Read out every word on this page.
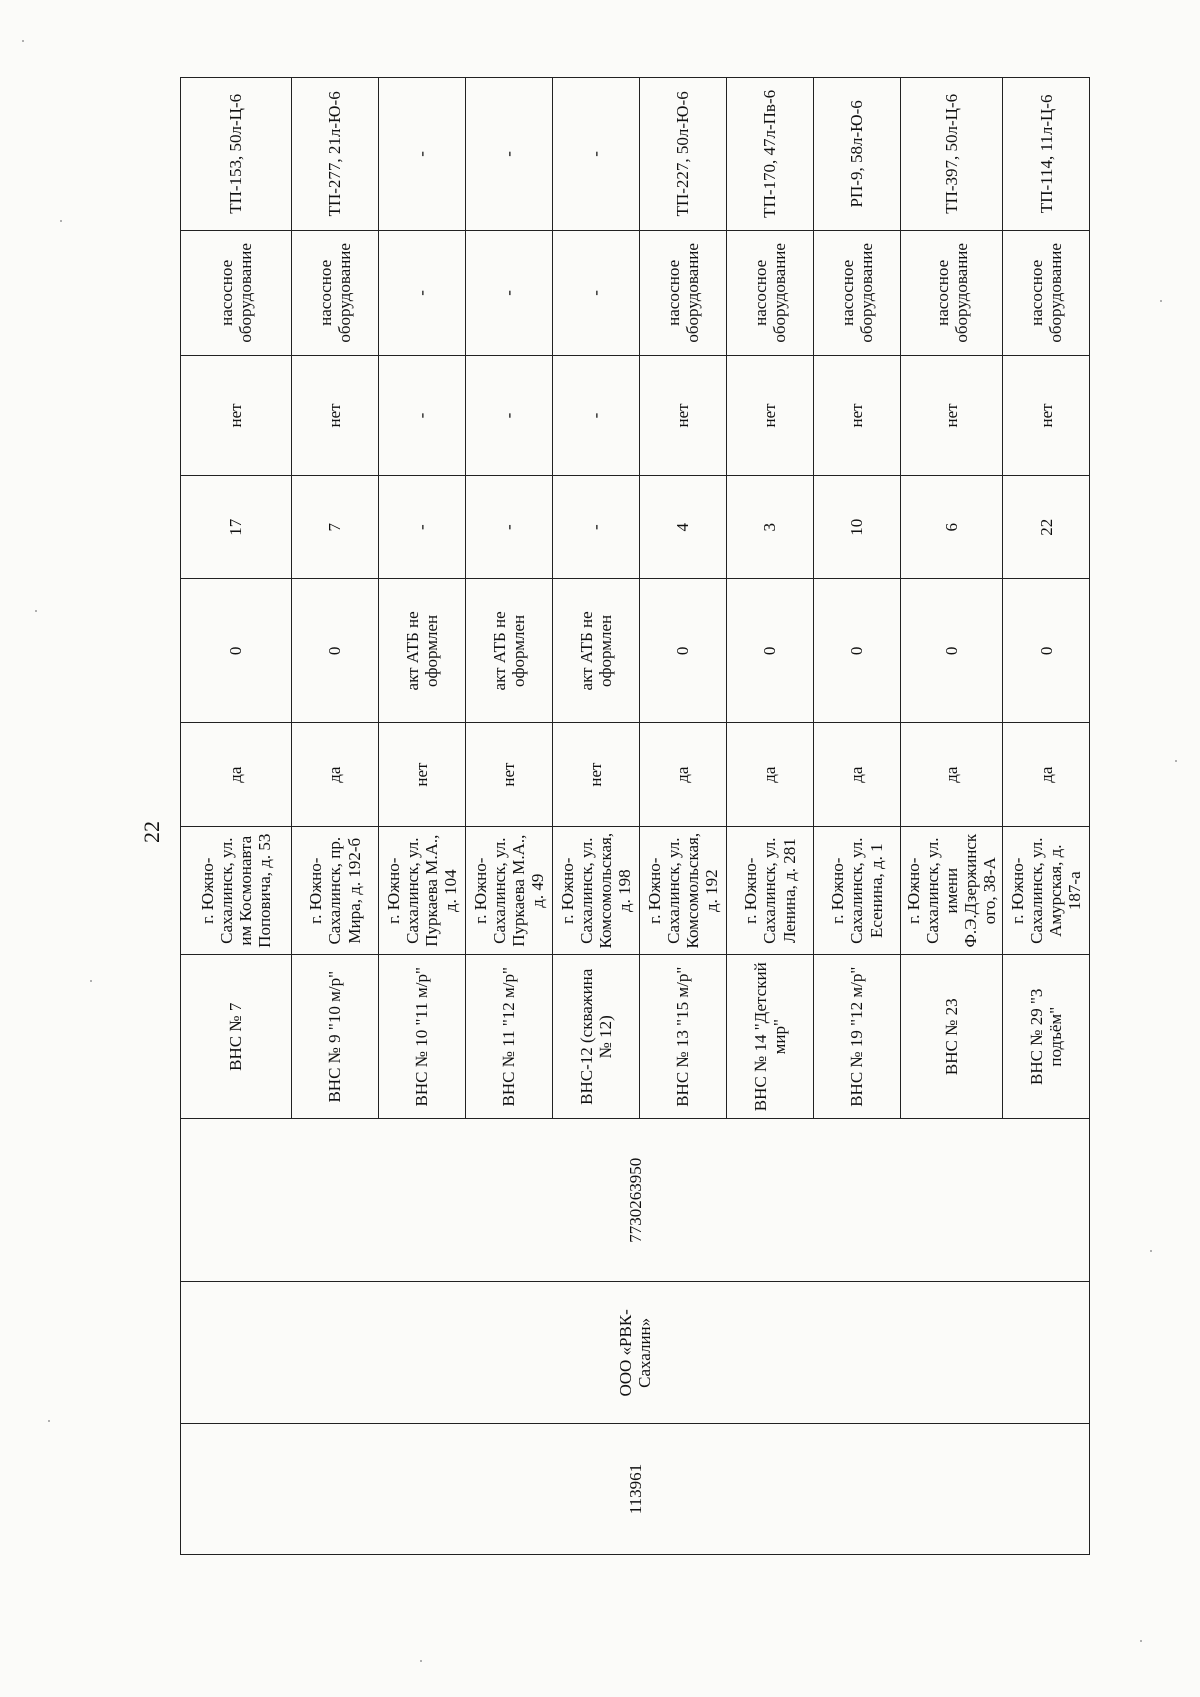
22
113961	ООО «РВК-Сахалин»	7730263950	ВНС № 7	г. Южно-Сахалинск, ул. им Космонавта Поповича, д. 53	да	0	17	нет	насосное оборудование	ТП-153, 50л-Ц-6
			ВНС № 9 "10 м/р"	г. Южно-Сахалинск, пр. Мира, д. 192-б	да	0	7	нет	насосное оборудование	ТП-277, 21л-Ю-6
			ВНС № 10 "11 м/р"	г. Южно-Сахалинск, ул. Пуркаева М.А., д. 104	нет	акт АТБ не оформлен	-	-	-	-
			ВНС № 11 "12 м/р"	г. Южно-Сахалинск, ул. Пуркаева М.А., д. 49	нет	акт АТБ не оформлен	-	-	-	-
			ВНС-12 (скважина № 12)	г. Южно-Сахалинск, ул. Комсомольская, д. 198	нет	акт АТБ не оформлен	-	-	-	-
			ВНС № 13 "15 м/р"	г. Южно-Сахалинск, ул. Комсомольская, д. 192	да	0	4	нет	насосное оборудование	ТП-227, 50л-Ю-6
			ВНС № 14 "Детский мир"	г. Южно-Сахалинск, ул. Ленина, д. 281	да	0	3	нет	насосное оборудование	ТП-170, 47л-Пв-6
			ВНС № 19 "12 м/р"	г. Южно-Сахалинск, ул. Есенина, д. 1	да	0	10	нет	насосное оборудование	РП-9, 58л-Ю-6
			ВНС № 23	г. Южно-Сахалинск, ул. имени Ф.Э.Дзержинского, 38-А	да	0	6	нет	насосное оборудование	ТП-397, 50л-Ц-6
			ВНС № 29 "3 подъём"	г. Южно-Сахалинск, ул. Амурская, д. 187-а	да	0	22	нет	насосное оборудование	ТП-114, 11л-Ц-6
